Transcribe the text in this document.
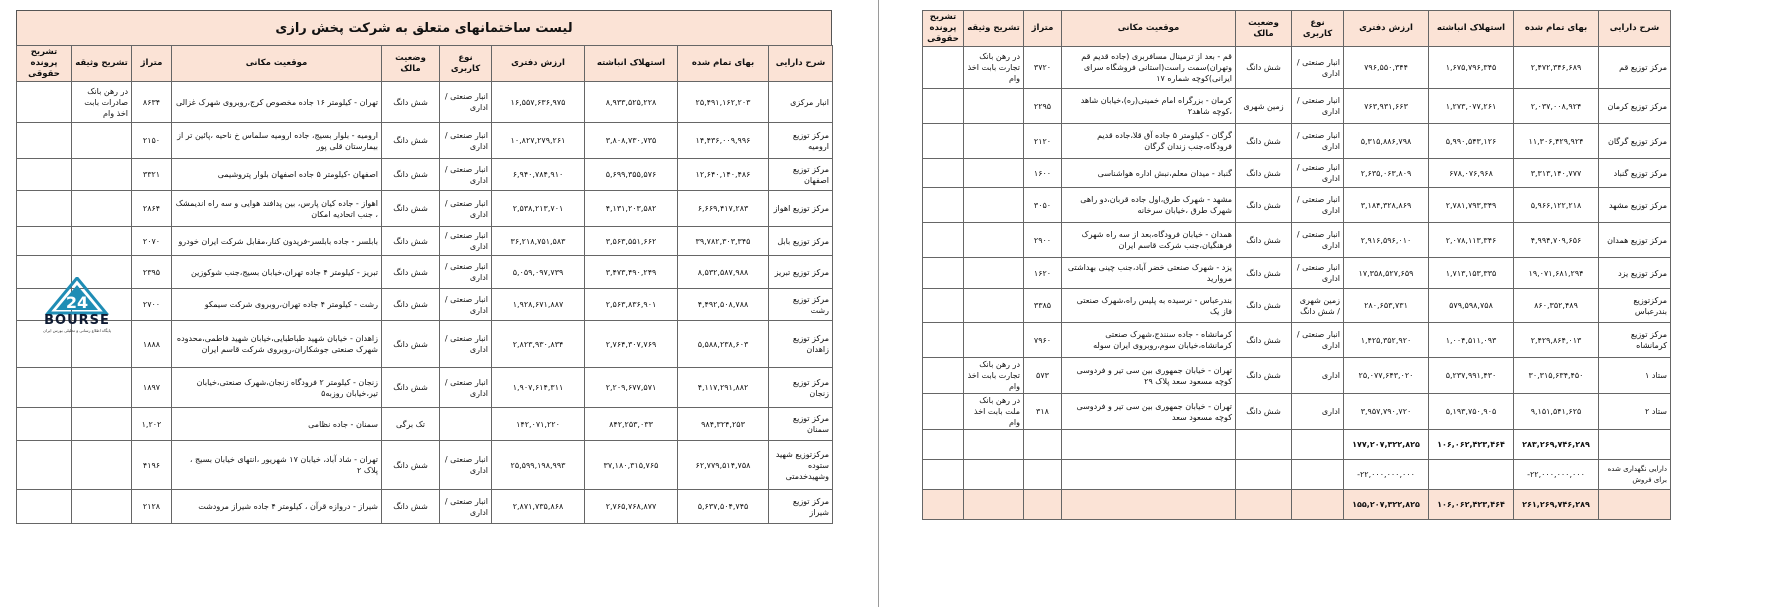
لیست ساختمانهای متعلق به شرکت پخش رازی
شرح دارایی	بهای تمام شده	استهلاک انباشته	ارزش دفتری	نوع کاربری	وضعیت مالک	موقعیت مکانی	متراژ	تشریح وثیقه	تشریح پرونده حقوقی
انبار مرکزی	۲۵,۴۹۱,۱۶۲,۲۰۳	۸,۹۳۳,۵۲۵,۲۲۸	۱۶,۵۵۷,۶۳۶,۹۷۵	انبار صنعتی / اداری	شش دانگ	تهران - کیلومتر ۱۶ جاده مخصوص کرج،روبروی شهرک غزالی	۸۶۳۴	در رهن بانک صادرات بابت اخذ وام	
مرکز توزیع ارومیه	۱۴,۴۳۶,۰۰۹,۹۹۶	۳,۸۰۸,۷۳۰,۷۳۵	۱۰,۸۲۷,۲۷۹,۲۶۱	انبار صنعتی / اداری	شش دانگ	ارومیه - بلوار بسیج، جاده ارومیه سلماس خ ناحیه ،پائین تر از بیمارستان قلی پور	۲۱۵۰		
مرکز توزیع اصفهان	۱۲,۶۴۰,۱۴۰,۴۸۶	۵,۶۹۹,۳۵۵,۵۷۶	۶,۹۴۰,۷۸۴,۹۱۰	انبار صنعتی / اداری	شش دانگ	اصفهان -کیلومتر ۵ جاده اصفهان بلوار پتروشیمی	۳۳۲۱		
مرکز توزیع اهواز	۶,۶۶۹,۴۱۷,۲۸۳	۴,۱۳۱,۲۰۳,۵۸۲	۲,۵۳۸,۲۱۳,۷۰۱	انبار صنعتی / اداری	شش دانگ	اهواز - جاده کیان پارس، بین پدافند هوایی و سه راه اندیمشک ، جنب اتحادیه امکان	۲۸۶۴		
مرکز توزیع بابل	۳۹,۷۸۲,۳۰۳,۳۴۵	۳,۵۶۳,۵۵۱,۶۶۲	۳۶,۲۱۸,۷۵۱,۵۸۳	انبار صنعتی / اداری	شش دانگ	بابلسر - جاده بابلسر-فریدون کنار،مقابل شرکت ایران خودرو	۲۰۷۰		
مرکز توزیع تبریز	۸,۵۳۲,۵۸۷,۹۸۸	۳,۴۷۳,۴۹۰,۲۴۹	۵,۰۵۹,۰۹۷,۷۳۹	انبار صنعتی / اداری	شش دانگ	تبریز - کیلومتر ۴ جاده تهران،خیابان بسیج،جنب شوکوزین	۲۳۹۵		
مرکز توزیع رشت	۴,۴۹۲,۵۰۸,۷۸۸	۲,۵۶۳,۸۳۶,۹۰۱	۱,۹۲۸,۶۷۱,۸۸۷	انبار صنعتی / اداری	شش دانگ	رشت - کیلومتر ۴ جاده تهران،روبروی شرکت سیمکو	۲۷۰۰		
مرکز توزیع زاهدان	۵,۵۸۸,۲۳۸,۶۰۳	۲,۷۶۴,۳۰۷,۷۶۹	۲,۸۲۳,۹۳۰,۸۳۴	انبار صنعتی / اداری	شش دانگ	زاهدان - خیابان شهید طباطبایی،خیابان شهید فاطمی،محدوده شهرک صنعتی جوشکاران،روبروی شرکت قاسم ایران	۱۸۸۸		
مرکز توزیع زنجان	۴,۱۱۷,۲۹۱,۸۸۲	۲,۲۰۹,۶۷۷,۵۷۱	۱,۹۰۷,۶۱۴,۳۱۱	انبار صنعتی / اداری	شش دانگ	زنجان - کیلومتر ۲ فرودگاه زنجان،شهرک صنعتی،خیابان تیر،خیابان روزبه۵	۱۸۹۷		
مرکز توزیع سمنان	۹۸۴,۳۲۴,۲۵۳	۸۴۲,۲۵۳,۰۳۳	۱۴۲,۰۷۱,۲۲۰		تک برگی	سمنان - جاده نظامی	۱,۲۰۲		
مرکزتوزیع شهید ستوده وشهیدخدمتی	۶۲,۷۷۹,۵۱۴,۷۵۸	۳۷,۱۸۰,۳۱۵,۷۶۵	۲۵,۵۹۹,۱۹۸,۹۹۳	انبار صنعتی / اداری	شش دانگ	تهران - شاد آباد، خیابان ۱۷ شهریور ،انتهای خیابان بسیج ، پلاک ۲	۴۱۹۶		
مرکز توزیع شیراز	۵,۶۳۷,۵۰۴,۷۴۵	۲,۷۶۵,۷۶۸,۸۷۷	۲,۸۷۱,۷۳۵,۸۶۸	انبار صنعتی / اداری	شش دانگ	شیراز - دروازه قرآن ، کیلومتر ۴ جاده شیراز مرودشت	۲۱۲۸		
24
BOURSE
پایگاه اطلاع رسانی و تحلیلی بورس ایران
شرح دارایی	بهای تمام شده	استهلاک انباشته	ارزش دفتری	نوع کاربری	وضعیت مالک	موقعیت مکانی	متراژ	تشریح وثیقه	تشریح پرونده حقوقی
مرکز توزیع قم	۲,۴۷۲,۳۴۶,۶۸۹	۱,۶۷۵,۷۹۶,۳۴۵	۷۹۶,۵۵۰,۳۴۴	انبار صنعتی / اداری	شش دانگ	قم - بعد از ترمینال مسافربری (جاده قدیم قم وتهران)سمت راست(استانی فروشگاه سرای ایرانی)کوچه شماره ۱۷	۳۷۲۰	در رهن بانک تجارت بابت اخذ وام	
مرکز توزیع کرمان	۲,۰۳۷,۰۰۸,۹۲۴	۱,۲۷۳,۰۷۷,۲۶۱	۷۶۳,۹۳۱,۶۶۳	انبار صنعتی / اداری	زمین شهری	کرمان - بزرگراه امام خمینی(ره)،خیابان شاهد ،کوچه شاهد۲	۲۲۹۵		
مرکز توزیع گرگان	۱۱,۳۰۶,۴۲۹,۹۲۴	۵,۹۹۰,۵۴۳,۱۲۶	۵,۳۱۵,۸۸۶,۷۹۸	انبار صنعتی / اداری	شش دانگ	گرگان - کیلومتر ۵ جاده آق قلا،جاده قدیم فرودگاه،جنب زندان گرگان	۲۱۲۰		
مرکز توزیع گنباد	۳,۳۱۳,۱۴۰,۷۷۷	۶۷۸,۰۷۶,۹۶۸	۲,۶۳۵,۰۶۳,۸۰۹	انبار صنعتی / اداری	شش دانگ	گنباد - میدان معلم،نبش اداره هواشناسی	۱۶۰۰		
مرکز توزیع مشهد	۵,۹۶۶,۱۲۲,۲۱۸	۲,۷۸۱,۷۹۳,۳۴۹	۳,۱۸۴,۳۲۸,۸۶۹	انبار صنعتی / اداری	شش دانگ	مشهد - شهرک طرق،اول جاده قربان،دو راهی شهرک طرق ،خیابان سرخانه	۳۰۵۰		
مرکز توزیع همدان	۴,۹۹۴,۷۰۹,۶۵۶	۲,۰۷۸,۱۱۳,۳۴۶	۲,۹۱۶,۵۹۶,۰۱۰	انبار صنعتی / اداری	شش دانگ	همدان - خیابان فرودگاه،بعد از سه راه شهرک فرهنگیان،جنب شرکت قاسم ایران	۲۹۰۰		
مرکز توزیع یزد	۱۹,۰۷۱,۶۸۱,۲۹۴	۱,۷۱۳,۱۵۳,۳۳۵	۱۷,۳۵۸,۵۲۷,۶۵۹	انبار صنعتی / اداری	شش دانگ	یزد - شهرک صنعتی خضر آباد،جنب چینی بهداشتی مروارید	۱۶۲۰		
مرکزتوزیع بندرعباس	۸۶۰,۳۵۲,۴۸۹	۵۷۹,۵۹۸,۷۵۸	۲۸۰,۶۵۳,۷۳۱	زمین شهری / شش دانگ	شش دانگ	بندرعباس - نرسیده به پلیس راه،شهرک صنعتی فاز یک	۳۳۸۵		
مرکز توزیع کرمانشاه	۲,۴۲۹,۸۶۴,۰۱۳	۱,۰۰۴,۵۱۱,۰۹۳	۱,۴۲۵,۳۵۲,۹۲۰	انبار صنعتی / اداری	شش دانگ	کرمانشاه - جاده سنندج،شهرک صنعتی کرمانشاه،خیابان سوم،روبروی ایران سوله	۷۹۶۰		
ستاد ۱	۳۰,۳۱۵,۶۳۴,۴۵۰	۵,۲۳۷,۹۹۱,۴۳۰	۲۵,۰۷۷,۶۴۳,۰۲۰	اداری	شش دانگ	تهران - خیابان جمهوری بین سی تیر و فردوسی کوچه مسعود سعد پلاک ۲۹	۵۷۳	در رهن بانک تجارت بابت اخذ وام	
ستاد ۲	۹,۱۵۱,۵۴۱,۶۲۵	۵,۱۹۳,۷۵۰,۹۰۵	۳,۹۵۷,۷۹۰,۷۲۰	اداری	شش دانگ	تهران - خیابان جمهوری بین سی تیر و فردوسی کوچه مسعود سعد	۳۱۸	در رهن بانک ملت بابت اخذ وام	
	۲۸۳,۲۶۹,۷۴۶,۲۸۹	۱۰۶,۰۶۲,۴۲۳,۴۶۴	۱۷۷,۲۰۷,۳۲۲,۸۲۵						
دارایی نگهداری شده برای فروش	-۲۲,۰۰۰,۰۰۰,۰۰۰		-۲۲,۰۰۰,۰۰۰,۰۰۰						
	۲۶۱,۲۶۹,۷۴۶,۲۸۹	۱۰۶,۰۶۲,۴۲۳,۴۶۴	۱۵۵,۲۰۷,۳۲۲,۸۲۵						
